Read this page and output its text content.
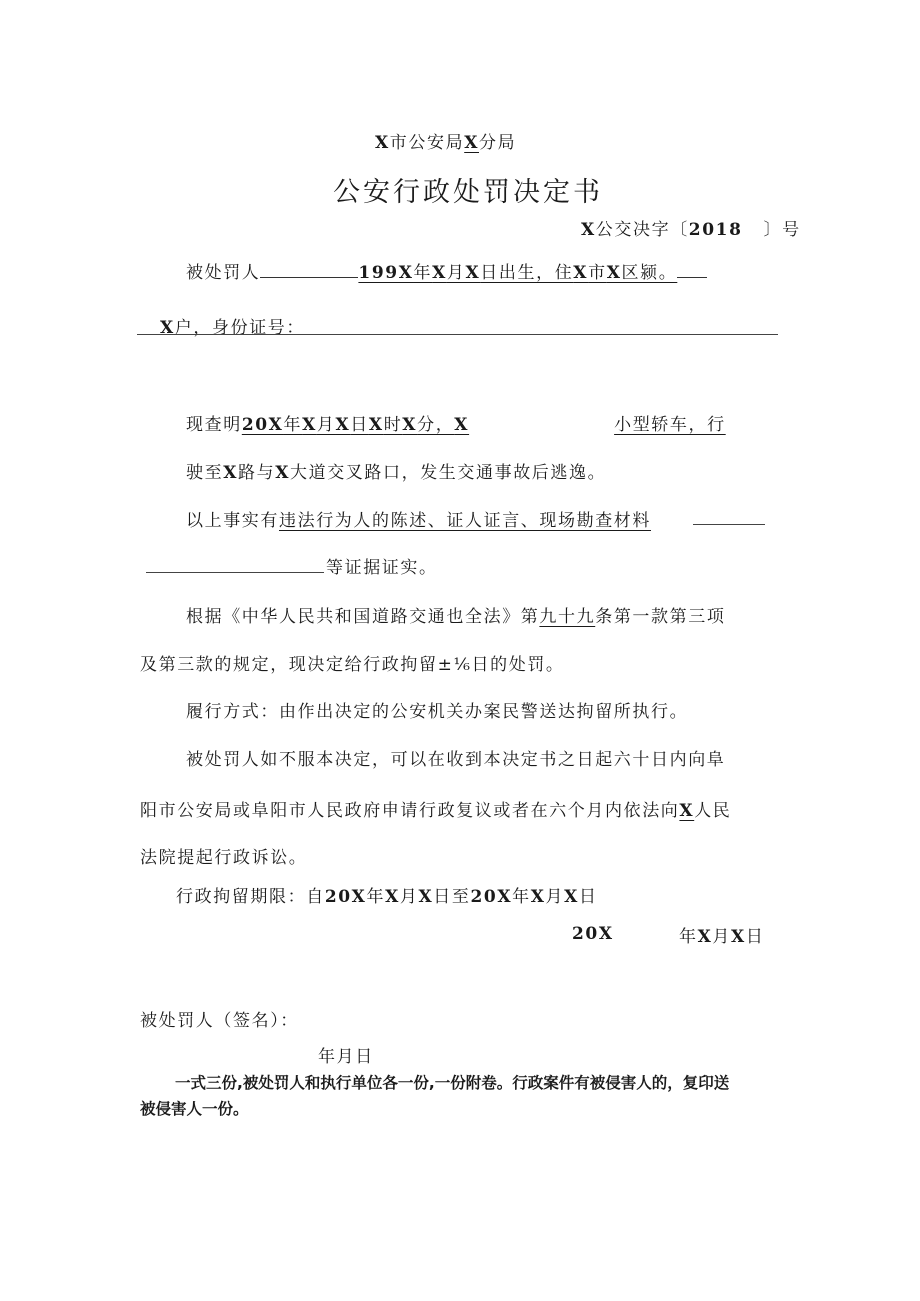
X市公安局X分局
公安行政处罚决定书
X公交决字〔2018 〕号
被处罚人	199X年X月X日出生，住X市X区颍。
X户，身份证号：
现查明20X年X月X日X时X分，X	小型轿车，行
驶至X路与X大道交叉路口，发生交通事故后逃逸。
以上事实有违法行为人的陈述、证人证言、现场勘查材料
等证据证实。
根据《中华人民共和国道路交通也全法》第九十九条第一款第三项
及第三款的规定，现决定给行政拘留±⅙日的处罚。
履行方式：由作出决定的公安机关办案民警送达拘留所执行。
被处罚人如不服本决定，可以在收到本决定书之日起六十日内向阜
阳市公安局或阜阳市人民政府申请行政复议或者在六个月内依法向X人民
法院提起行政诉讼。
行政拘留期限：自20X年X月X日至20X年X月X日
20X	年X月X日
被处罚人（签名）：
年月日
一式三份,被处罚人和执行单位各一份,一份附卷。行政案件有被侵害人的，复印送
被侵害人一份。
